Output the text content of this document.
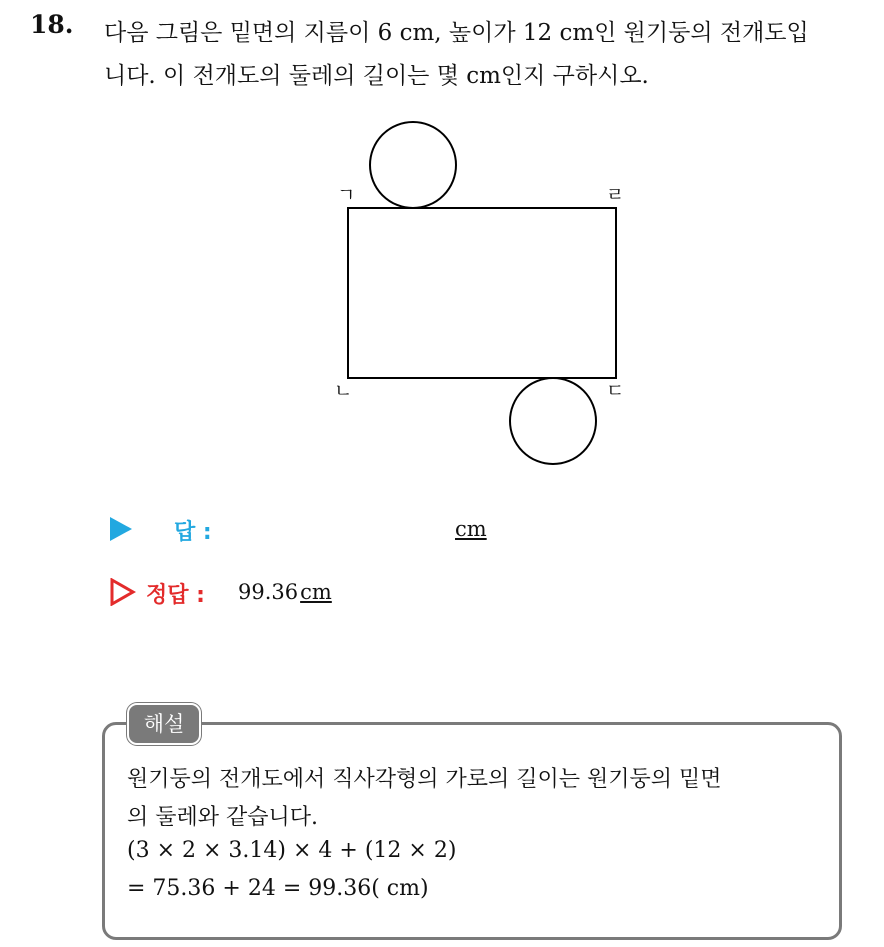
18. 다음 그림은 밑면의 지름이 6 cm, 높이가 12 cm인 원기둥의 전개도입
니다. 이 전개도의 둘레의 길이는 몇 cm인지 구하시오.
ㄱ	ㄹ
ㄴ	ㄷ
답 :	cm
정답 : 99.36cm
해설
원기둥의 전개도에서 직사각형의 가로의 길이는 원기둥의 밑면
의 둘레와 같습니다.
(3 × 2 × 3.14) × 4 + (12 × 2)
= 75.36 + 24 = 99.36( cm)
